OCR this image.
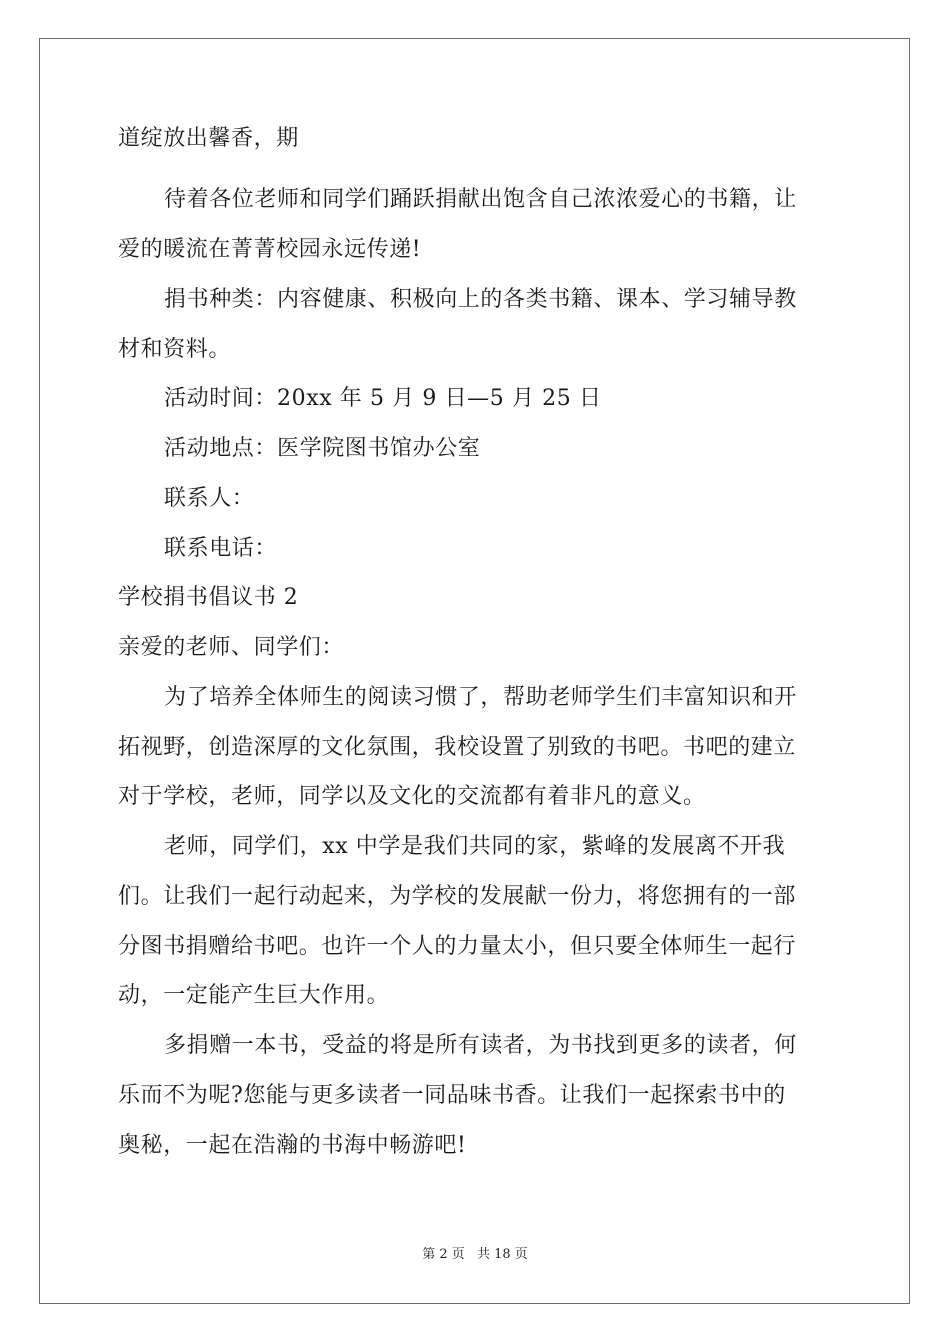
道绽放出馨香，期
待着各位老师和同学们踊跃捐献出饱含自己浓浓爱心的书籍，让
爱的暖流在菁菁校园永远传递!
捐书种类：内容健康、积极向上的各类书籍、课本、学习辅导教
材和资料。
活动时间：20xx 年 5 月 9 日—5 月 25 日
活动地点：医学院图书馆办公室
联系人：
联系电话：
学校捐书倡议书 2
亲爱的老师、同学们：
为了培养全体师生的阅读习惯了，帮助老师学生们丰富知识和开
拓视野，创造深厚的文化氛围，我校设置了别致的书吧。书吧的建立
对于学校，老师，同学以及文化的交流都有着非凡的意义。
老师，同学们，xx 中学是我们共同的家，紫峰的发展离不开我
们。让我们一起行动起来，为学校的发展献一份力，将您拥有的一部
分图书捐赠给书吧。也许一个人的力量太小，但只要全体师生一起行
动，一定能产生巨大作用。
多捐赠一本书，受益的将是所有读者，为书找到更多的读者，何
乐而不为呢?您能与更多读者一同品味书香。让我们一起探索书中的
奥秘，一起在浩瀚的书海中畅游吧!
第 2 页 共 18 页
